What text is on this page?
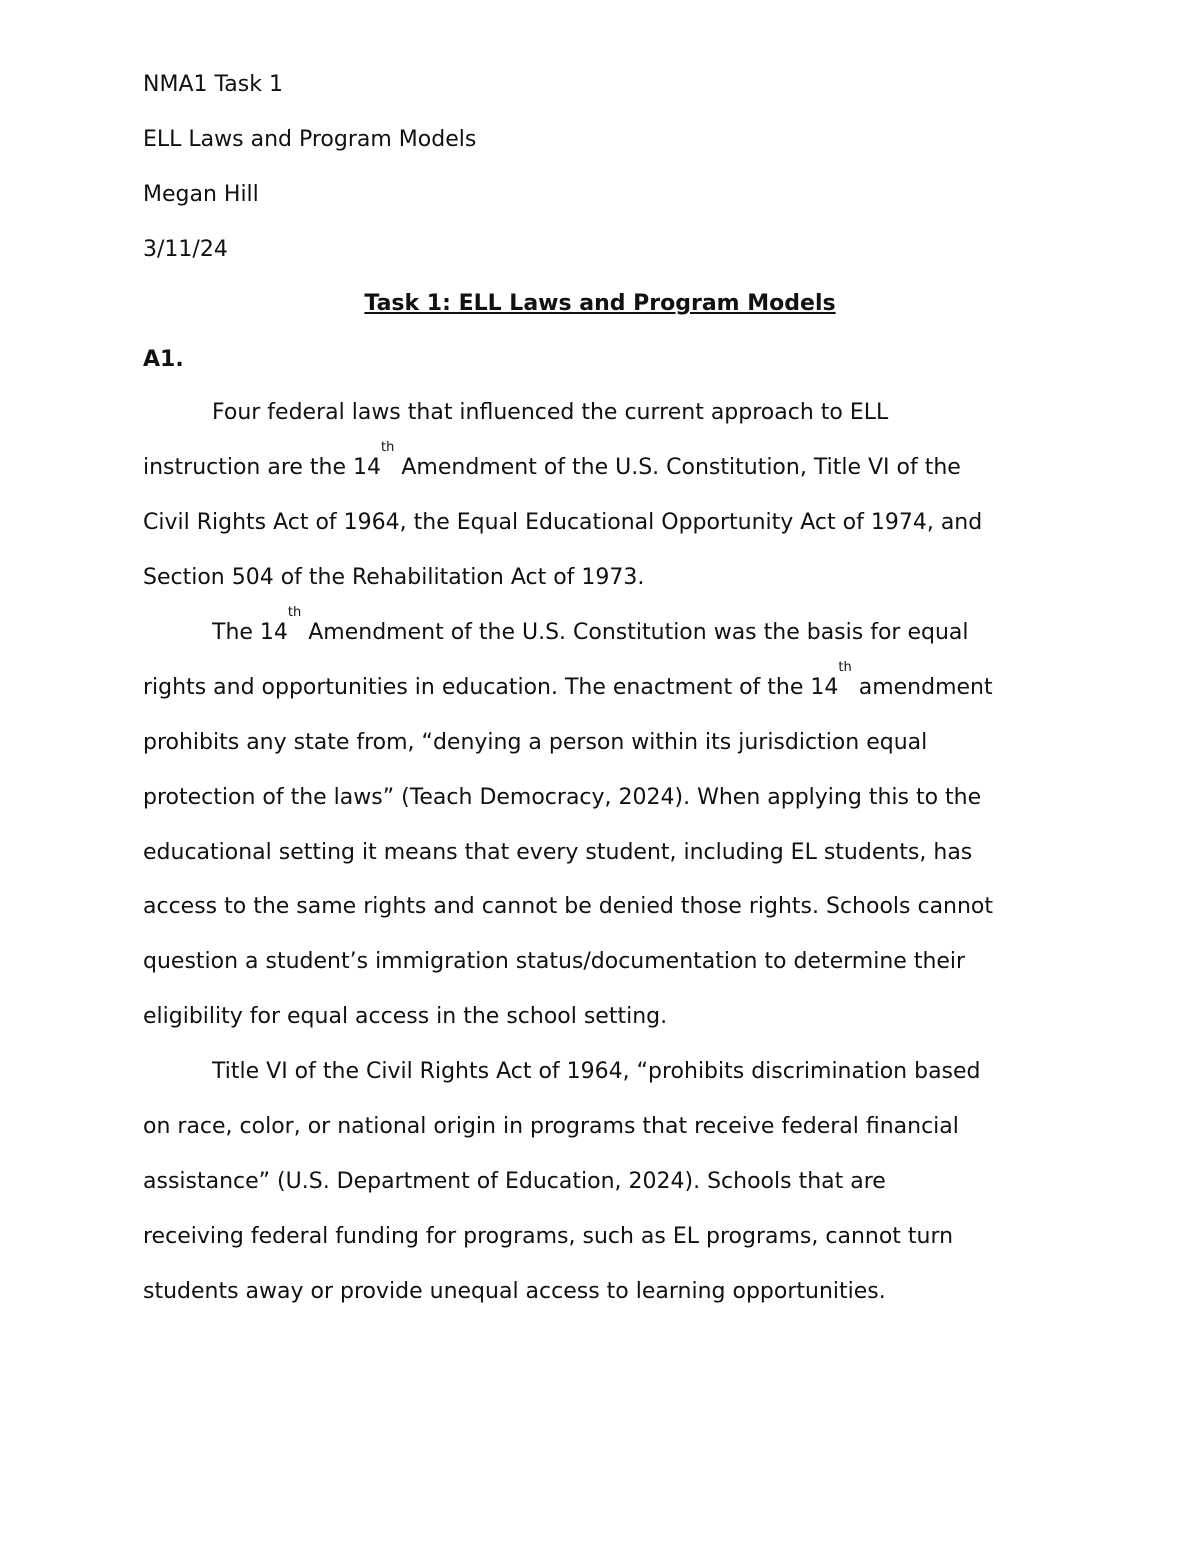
NMA1 Task 1
ELL Laws and Program Models
Megan Hill
3/11/24
Task 1: ELL Laws and Program Models
A1.
Four federal laws that influenced the current approach to ELL
instruction are the 14th Amendment of the U.S. Constitution, Title VI of the
Civil Rights Act of 1964, the Equal Educational Opportunity Act of 1974, and
Section 504 of the Rehabilitation Act of 1973.
The 14th Amendment of the U.S. Constitution was the basis for equal
rights and opportunities in education. The enactment of the 14th amendment
prohibits any state from, “denying a person within its jurisdiction equal
protection of the laws” (Teach Democracy, 2024). When applying this to the
educational setting it means that every student, including EL students, has
access to the same rights and cannot be denied those rights. Schools cannot
question a student’s immigration status/documentation to determine their
eligibility for equal access in the school setting.
Title VI of the Civil Rights Act of 1964, “prohibits discrimination based
on race, color, or national origin in programs that receive federal financial
assistance” (U.S. Department of Education, 2024). Schools that are
receiving federal funding for programs, such as EL programs, cannot turn
students away or provide unequal access to learning opportunities.
